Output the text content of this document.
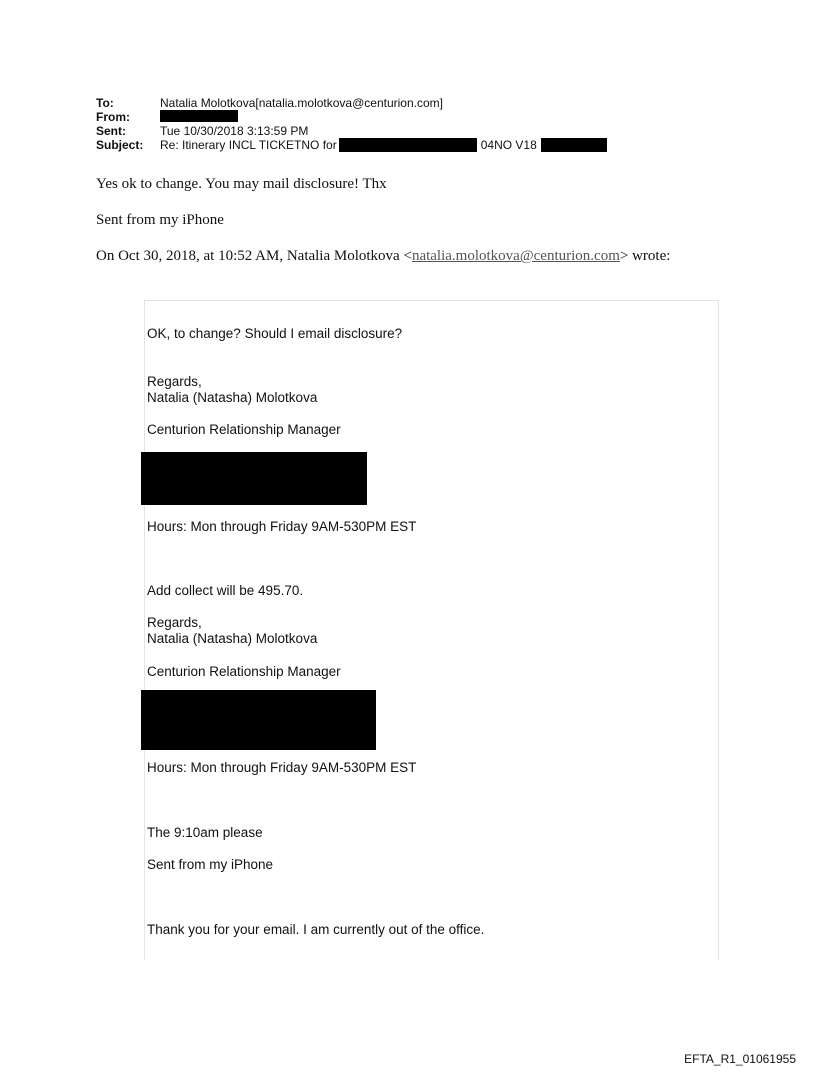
To:	Natalia Molotkova[natalia.molotkova@centurion.com]
From:
Sent:	Tue 10/30/2018 3:13:59 PM
Subject:	Re: Itinerary INCL TICKETNO for	04NO V18
Yes ok to change. You may mail disclosure! Thx
Sent from my iPhone
On Oct 30, 2018, at 10:52 AM, Natalia Molotkova <natalia.molotkova@centurion.com> wrote:
OK, to change? Should I email disclosure?
Regards,
Natalia (Natasha) Molotkova
Centurion Relationship Manager
Hours: Mon through Friday 9AM-530PM EST
Add collect will be 495.70.
Regards,
Natalia (Natasha) Molotkova
Centurion Relationship Manager
Hours: Mon through Friday 9AM-530PM EST
The 9:10am please
Sent from my iPhone
Thank you for your email. I am currently out of the office.
EFTA_R1_01061955
